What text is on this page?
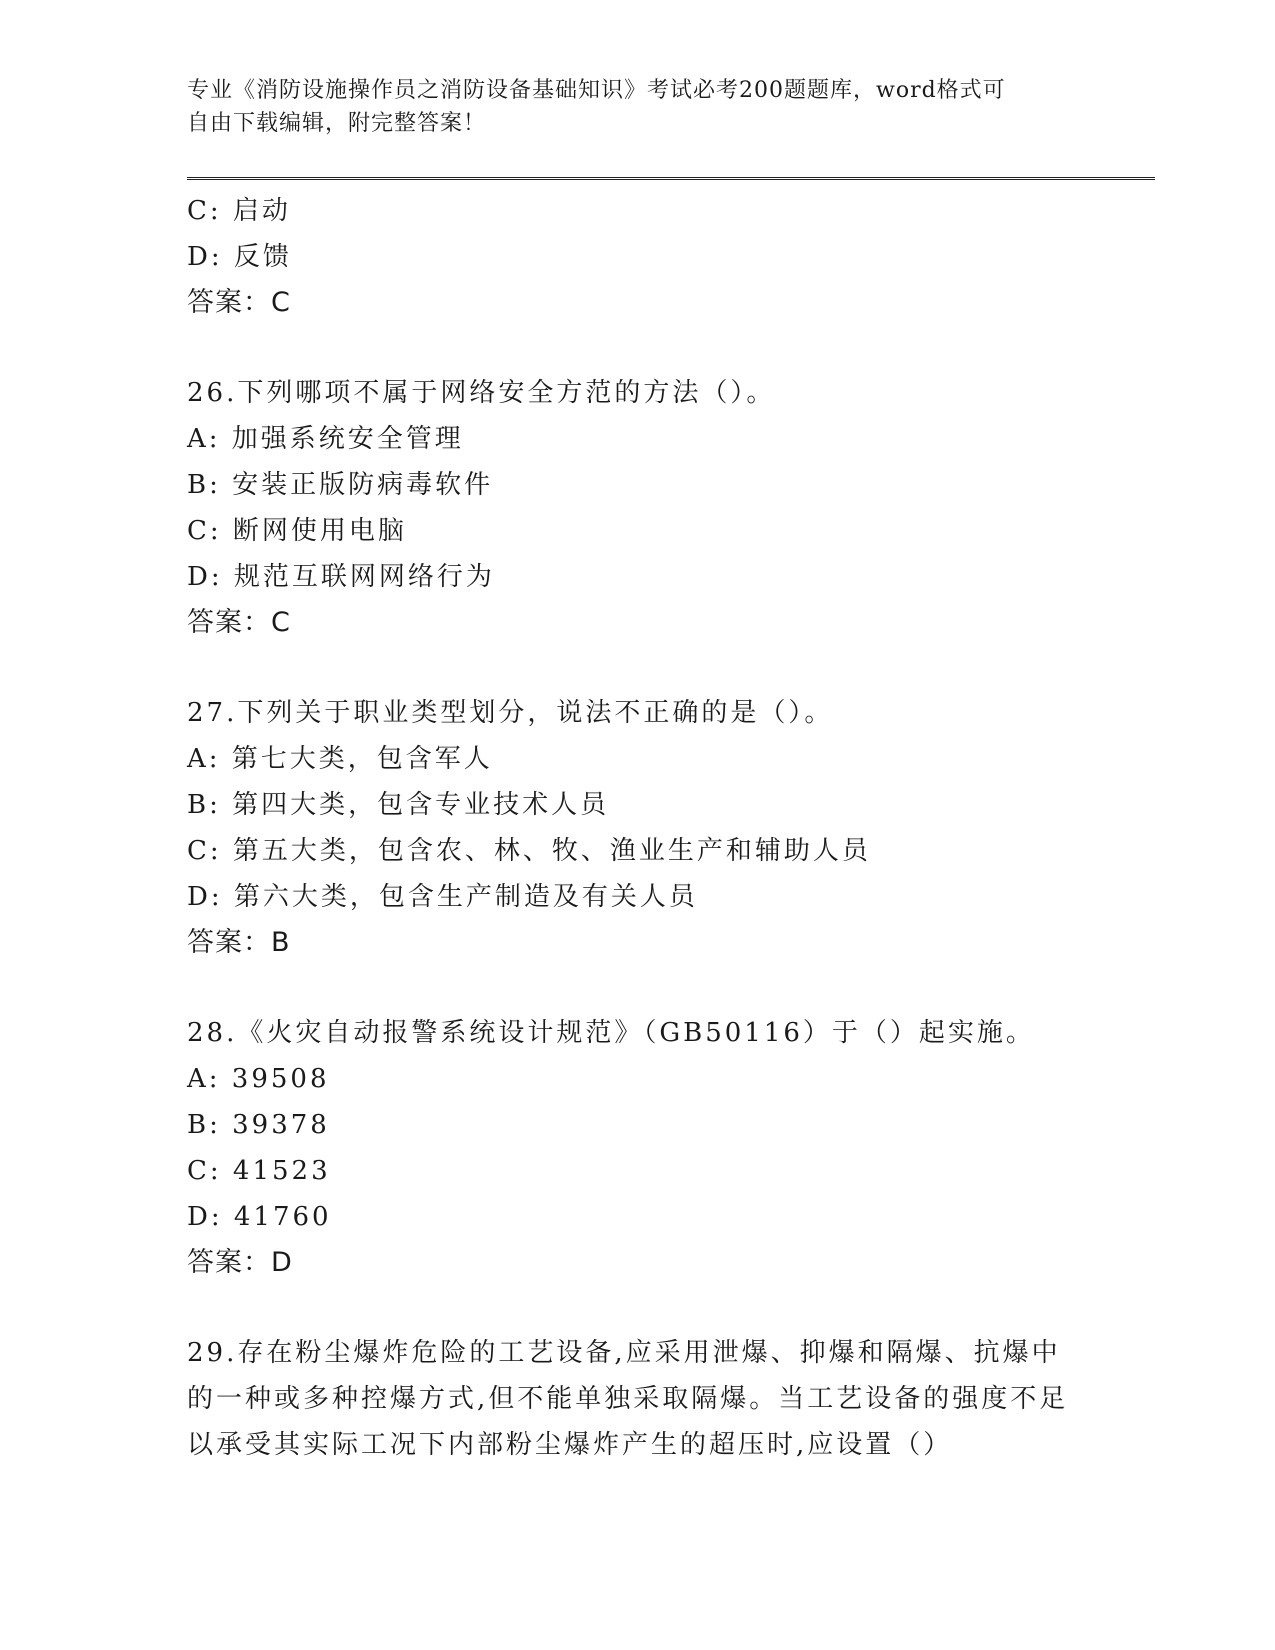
专业《消防设施操作员之消防设备基础知识》考试必考200题题库，word格式可
自由下载编辑，附完整答案！
C: 启动
D: 反馈
答案：C
26.下列哪项不属于网络安全方范的方法（）。
A: 加强系统安全管理
B: 安装正版防病毒软件
C: 断网使用电脑
D: 规范互联网网络行为
答案：C
27.下列关于职业类型划分，说法不正确的是（）。
A: 第七大类，包含军人
B: 第四大类，包含专业技术人员
C: 第五大类，包含农、林、牧、渔业生产和辅助人员
D: 第六大类，包含生产制造及有关人员
答案：B
28.《火灾自动报警系统设计规范》（GB50116）于（）起实施。
A: 39508
B: 39378
C: 41523
D: 41760
答案：D
29.存在粉尘爆炸危险的工艺设备,应采用泄爆、抑爆和隔爆、抗爆中
的一种或多种控爆方式,但不能单独采取隔爆。当工艺设备的强度不足
以承受其实际工况下内部粉尘爆炸产生的超压时,应设置（）
